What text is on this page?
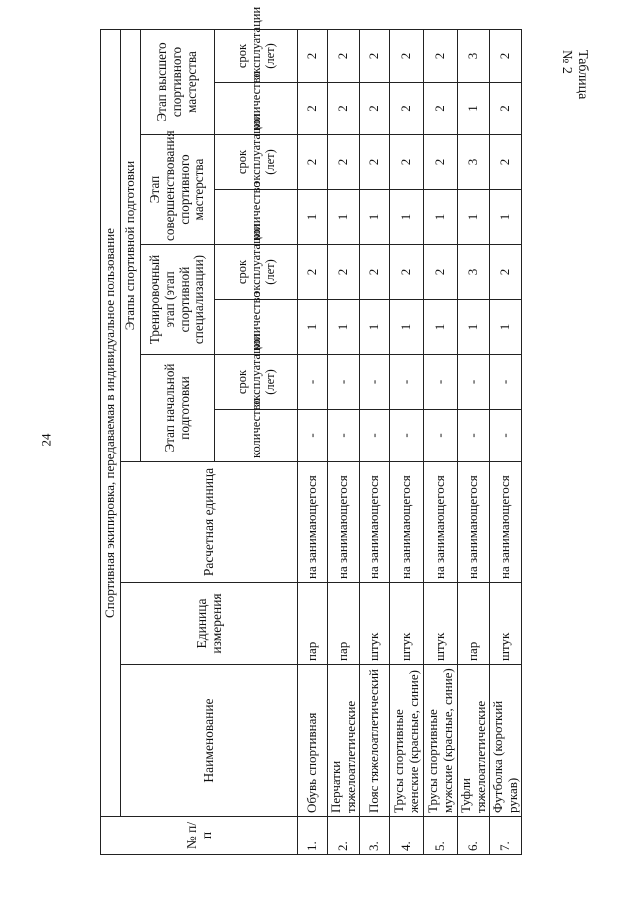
24
Таблица № 2
№ п/п	Спортивная экипировка, передаваемая в индивидуальное пользование										
	Наименование	Единица измерения	Расчетная единица	Этапы спортивной подготовки							
				Этап начальной подготовки		Тренировочный этап (этап спортивной специализации)		Этап совершенствования спортивного мастерства		Этап высшего спортивного мастерства	
				количество	срок эксплуатации (лет)	количество	срок эксплуатации (лет)	количество	срок эксплуатации (лет)	количество	срок эксплуатации (лет)
1.	Обувь спортивная	пар	на занимающегося	-	-	1	2	1	2	2	2
2.	Перчатки тяжелоатлетические	пар	на занимающегося	-	-	1	2	1	2	2	2
3.	Пояс тяжелоатлетический	штук	на занимающегося	-	-	1	2	1	2	2	2
4.	Трусы спортивные женские (красные, синие)	штук	на занимающегося	-	-	1	2	1	2	2	2
5.	Трусы спортивные мужские (красные, синие)	штук	на занимающегося	-	-	1	2	1	2	2	2
6.	Туфли тяжелоатлетические	пар	на занимающегося	-	-	1	3	1	3	1	3
7.	Футболка (короткий рукав)	штук	на занимающегося	-	-	1	2	1	2	2	2
